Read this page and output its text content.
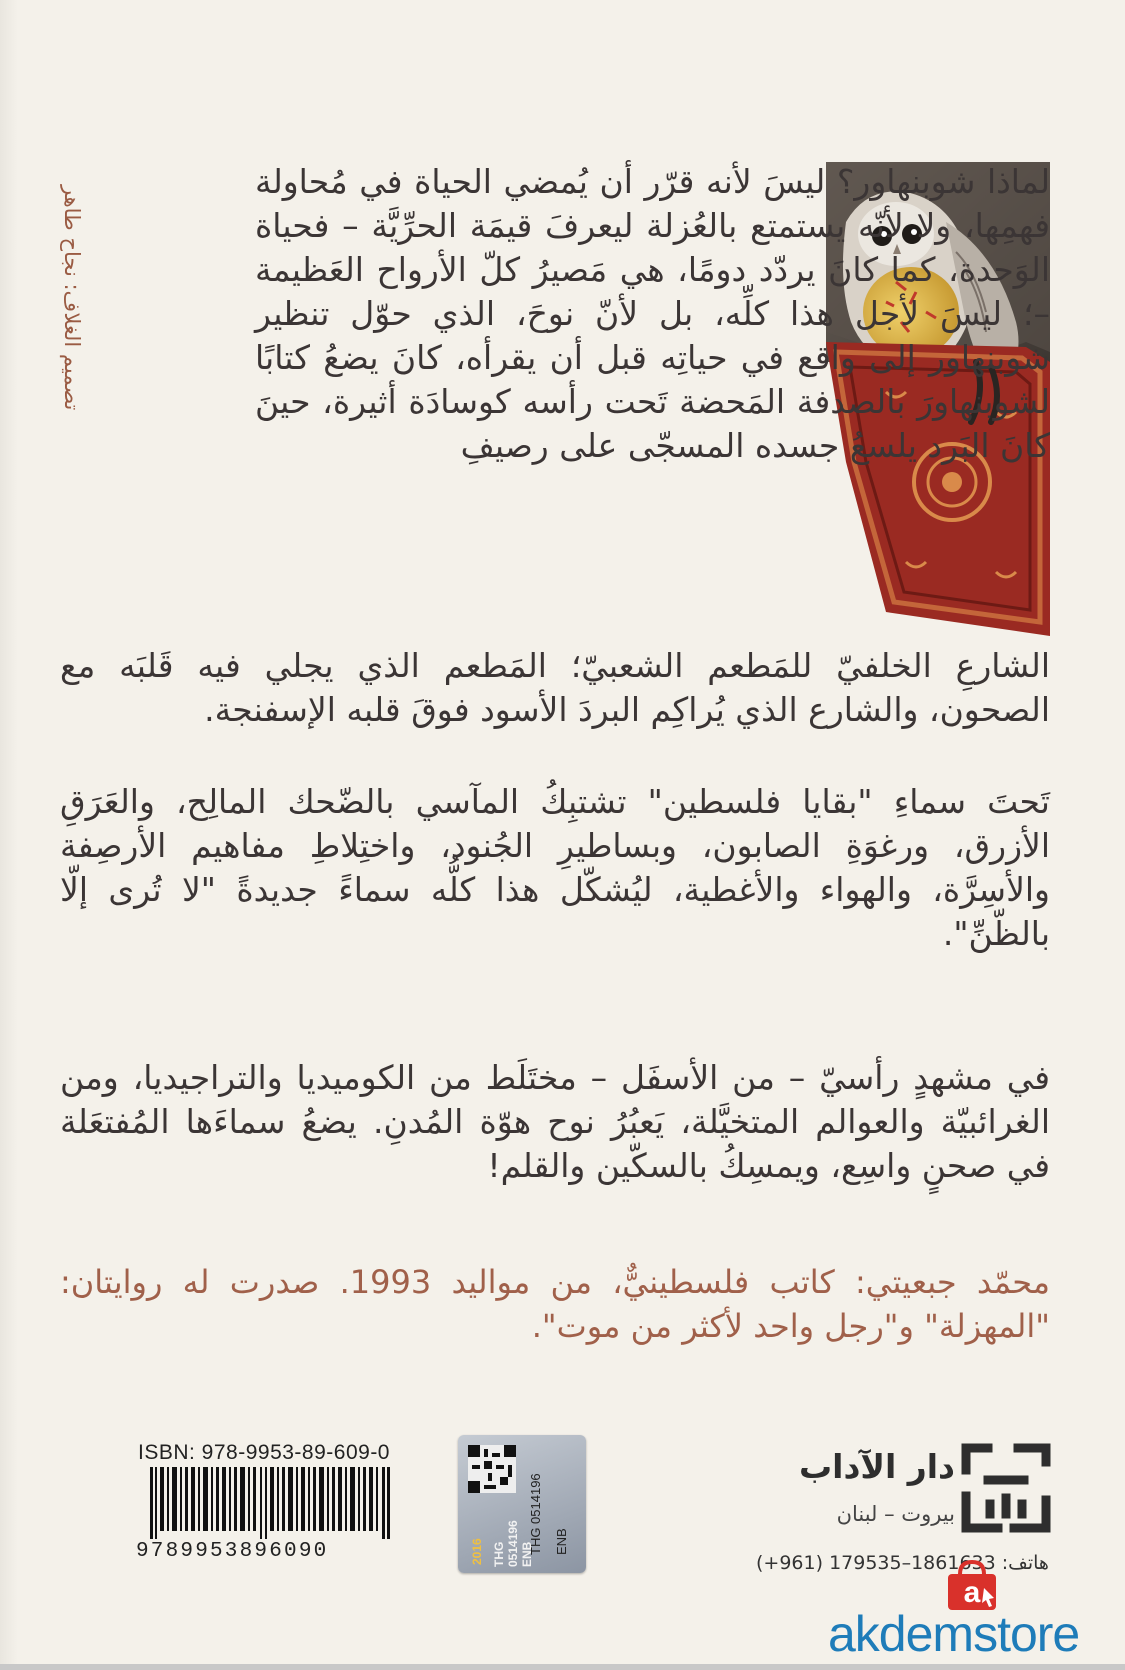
تصميم الغلاف: نجاح طاهر
لماذا شوبنهاور؟ ليسَ لأنه قرّر أن يُمضي الحياة في مُحاولة فهمِها، ولا لأنّه يستمتع بالعُزلة ليعرفَ قيمَة الحرِّيَّة – فحياة الوَحدة، كما كانَ يردّد دومًا، هي مَصيرُ كلّ الأرواح العَظيمة –؛ ليسَ لأجل هذا كلِّه، بل لأنّ نوحَ، الذي حوّل تنظير شوبنهاور إلى واقع في حياتِه قبل أن يقرأه، كانَ يضعُ كتابًا لشوبنهاورَ بالصدفة المَحضة تَحت رأسه كوسادَة أثيرة، حينَ كانَ البَرد يلسعُ جسده المسجّى على رصيفِ
الشارعِ الخلفيّ للمَطعم الشعبيّ؛ المَطعم الذي يجلي فيه قَلبَه مع الصحون، والشارع الذي يُراكِم البردَ الأسود فوقَ قلبه الإسفنجة.
تَحتَ سماءِ "بقايا فلسطين" تشتبِكُ المآسي بالضّحك المالِح، والعَرَقِ الأزرق، ورغوَةِ الصابون، وبساطيرِ الجُنود، واختِلاطِ مفاهيم الأرصِفة والأسِرَّة، والهواء والأغطية، ليُشكّل هذا كلُّه سماءً جديدةً "لا تُرى إلّا بالظّنِّ".
في مشهدٍ رأسيّ – من الأسفَل – مختَلَط من الكوميديا والتراجيديا، ومن الغرائبيّة والعوالم المتخيَّلة، يَعبُرُ نوح هوّة المُدنِ. يضعُ سماءَها المُفتعَلة في صحنٍ واسِع، ويمسِكُ بالسكّين والقلم!
محمّد جبعيتي: كاتب فلسطينيٌّ، من مواليد 1993. صدرت له روايتان: "المهزلة" و"رجل واحد لأكثر من موت".
ISBN: 978-9953-89-609-0
9789953896090	THG 0514196 ENB
2016 THG 0514196 ENB
دار الآداب
بيروت – لبنان
هاتف: 1861633–179535 (961+)
a
akdemstore
